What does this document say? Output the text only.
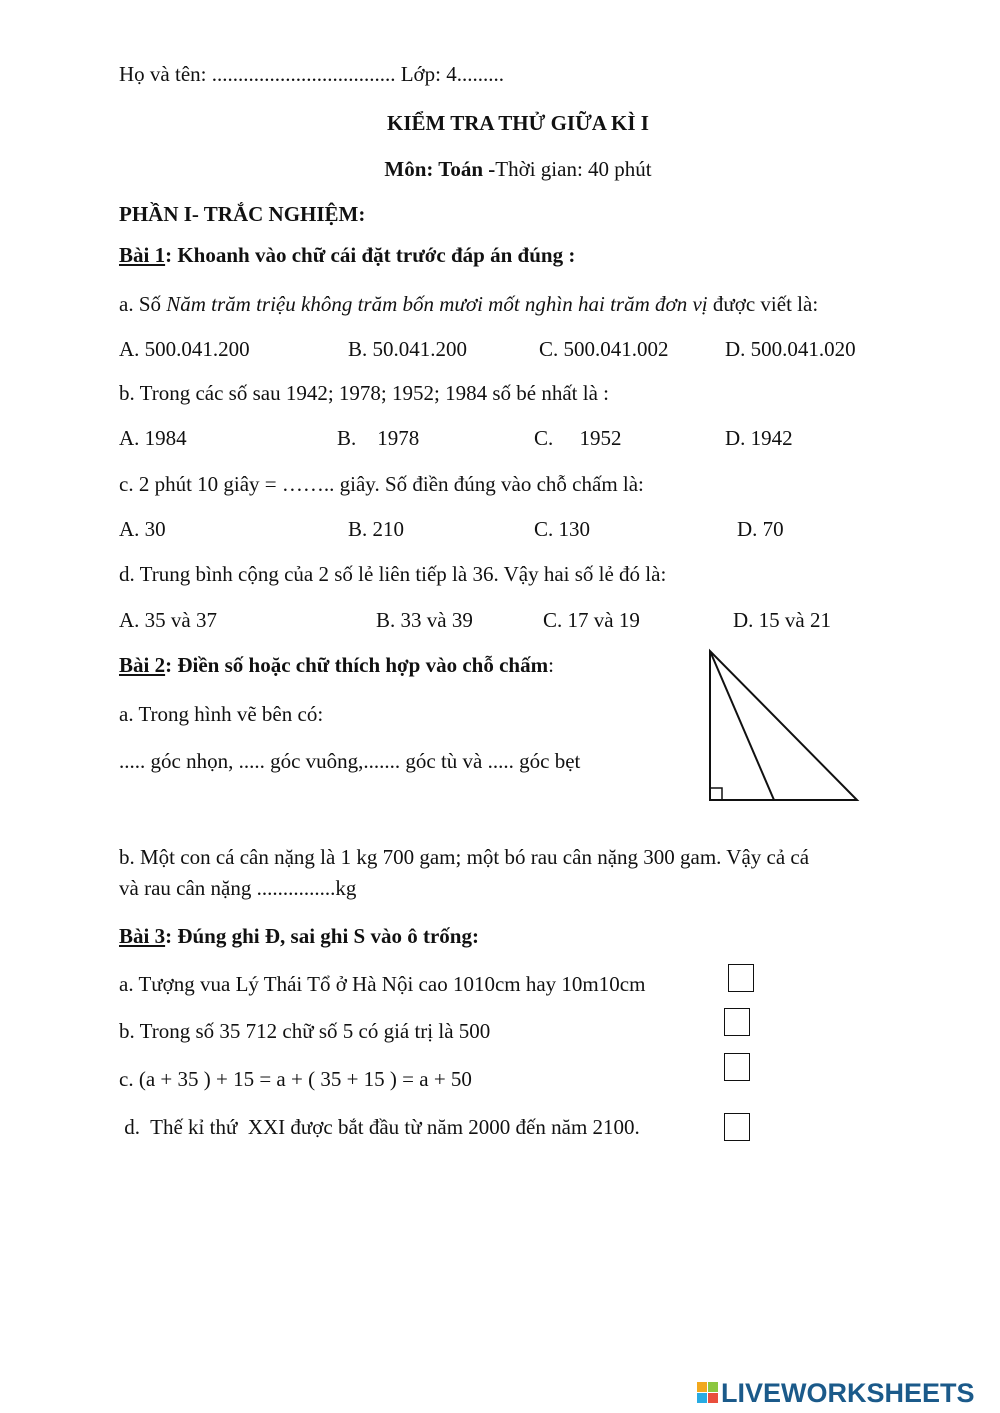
Họ và tên: ................................... Lớp: 4.........
KIỂM TRA THỬ GIỮA KÌ I
Môn: Toán -Thời gian: 40 phút
PHẦN I- TRẮC NGHIỆM:
Bài 1: Khoanh vào chữ cái đặt trước đáp án đúng :
a. Số Năm trăm triệu không trăm bốn mươi mốt nghìn hai trăm đơn vị được viết là:
A. 500.041.200	B. 50.041.200	C. 500.041.002	D. 500.041.020
b. Trong các số sau 1942; 1978; 1952; 1984 số bé nhất là :
A. 1984	B.    1978	C.     1952	D. 1942
c. 2 phút 10 giây = …….. giây. Số điền đúng vào chỗ chấm là:
A. 30	B. 210	C. 130	D. 70
d. Trung bình cộng của 2 số lẻ liên tiếp là 36. Vậy hai số lẻ đó là:
A. 35 và 37	B. 33 và 39	C. 17 và 19	D. 15 và 21
Bài 2: Điền số hoặc chữ thích hợp vào chỗ chấm:
a. Trong hình vẽ bên có:
..... góc nhọn, ..... góc vuông,....... góc tù và ..... góc bẹt
b. Một con cá cân nặng là 1 kg 700 gam; một bó rau cân nặng 300 gam. Vậy cả cá
và rau cân nặng ...............kg
Bài 3: Đúng ghi Đ, sai ghi S vào ô trống:
a. Tượng vua Lý Thái Tổ ở Hà Nội cao 1010cm hay 10m10cm
b. Trong số 35 712 chữ số 5 có giá trị là 500
c. (a + 35 ) + 15 = a + ( 35 + 15 ) = a + 50
d.  Thế kỉ thứ  XXI được bắt đầu từ năm 2000 đến năm 2100.
LIVEWORKSHEETS
